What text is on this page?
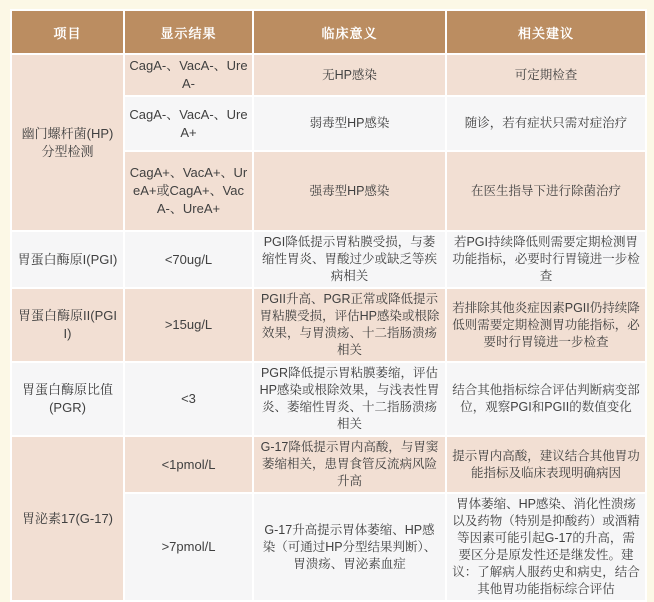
项目	显示结果	临床意义	相关建议
幽门螺杆菌(HP)分型检测	CagA-、VacA-、UreA-	无HP感染	可定期检查
	CagA-、VacA-、UreA+	弱毒型HP感染	随诊，若有症状只需对症治疗
	CagA+、VacA+、UreA+或CagA+、VacA-、UreA+	强毒型HP感染	在医生指导下进行除菌治疗
胃蛋白酶原I(PGI)	<70ug/L	PGI降低提示胃粘膜受损，与萎缩性胃炎、胃酸过少或缺乏等疾病相关	若PGI持续降低则需要定期检测胃功能指标，必要时行胃镜进一步检查
胃蛋白酶原II(PGII)	>15ug/L	PGII升高、PGR正常或降低提示胃粘膜受损，评估HP感染或根除效果，与胃溃疡、十二指肠溃疡相关	若排除其他炎症因素PGII仍持续降低则需要定期检测胃功能指标，必要时行胃镜进一步检查
胃蛋白酶原比值(PGR)	<3	PGR降低提示胃粘膜萎缩，评估HP感染或根除效果，与浅表性胃炎、萎缩性胃炎、十二指肠溃疡相关	结合其他指标综合评估判断病变部位，观察PGI和PGII的数值变化
胃泌素17(G-17)	<1pmol/L	G-17降低提示胃内高酸，与胃窦萎缩相关，患胃食管反流病风险升高	提示胃内高酸，建议结合其他胃功能指标及临床表现明确病因
	>7pmol/L	G-17升高提示胃体萎缩、HP感染（可通过HP分型结果判断）、胃溃疡、胃泌素血症	胃体萎缩、HP感染、消化性溃疡以及药物（特别是抑酸药）或酒精等因素可能引起G-17的升高，需要区分是原发性还是继发性。建议：了解病人服药史和病史，结合其他胃功能指标综合评估
